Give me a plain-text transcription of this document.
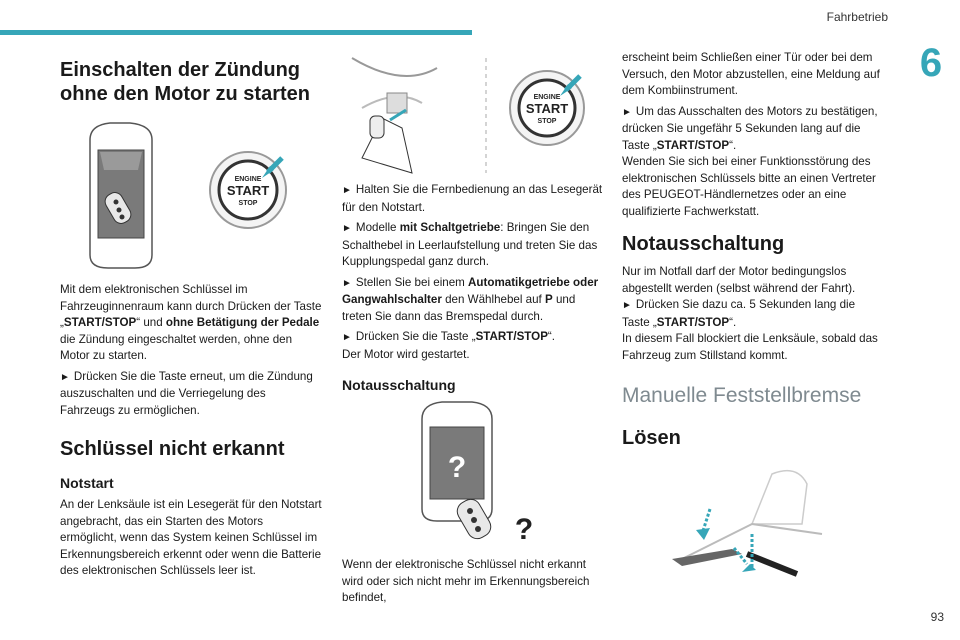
Fahrbetrieb
6
93
Einschalten der Zündung ohne den Motor zu starten
ENGINE
START
STOP

Mit dem elektronischen Schlüssel im Fahrzeuginnenraum kann durch Drücken der Taste „START/STOP“ und ohne Betätigung der Pedale die Zündung eingeschaltet werden, ohne den Motor zu starten.

► Drücken Sie die Taste erneut, um die Zündung auszuschalten und die Verriegelung des Fahrzeugs zu ermöglichen.

Schlüssel nicht erkannt
Notstart

An der Lenksäule ist ein Lesegerät für den Notstart angebracht, das ein Starten des Motors ermöglicht, wenn das System keinen Schlüssel im Erkennungsbereich erkennt oder wenn die Batterie des elektronischen Schlüssels leer ist.

ENGINE
START
STOP

► Halten Sie die Fernbedienung an das Lesegerät für den Notstart.

► Modelle mit Schaltgetriebe: Bringen Sie den Schalthebel in Leerlaufstellung und treten Sie das Kupplungspedal ganz durch.

► Stellen Sie bei einem Automatikgetriebe oder Gangwahlschalter den Wählhebel auf P und treten Sie dann das Bremspedal durch.

► Drücken Sie die Taste „START/STOP“.

Der Motor wird gestartet.

Notausschaltung
?
?

Wenn der elektronische Schlüssel nicht erkannt wird oder sich nicht mehr im Erkennungsbereich befindet,

erscheint beim Schließen einer Tür oder bei dem Versuch, den Motor abzustellen, eine Meldung auf dem Kombiinstrument.

► Um das Ausschalten des Motors zu bestätigen, drücken Sie ungefähr 5 Sekunden lang auf die Taste „START/STOP“.

Wenden Sie sich bei einer Funktionsstörung des elektronischen Schlüssels bitte an einen Vertreter des PEUGEOT-Händlernetzes oder an eine qualifizierte Fachwerkstatt.

Notausschaltung

Nur im Notfall darf der Motor bedingungslos abgestellt werden (selbst während der Fahrt).

► Drücken Sie dazu ca. 5 Sekunden lang die Taste „START/STOP“.

In diesem Fall blockiert die Lenksäule, sobald das Fahrzeug zum Stillstand kommt.

Manuelle Feststellbremse
Lösen
